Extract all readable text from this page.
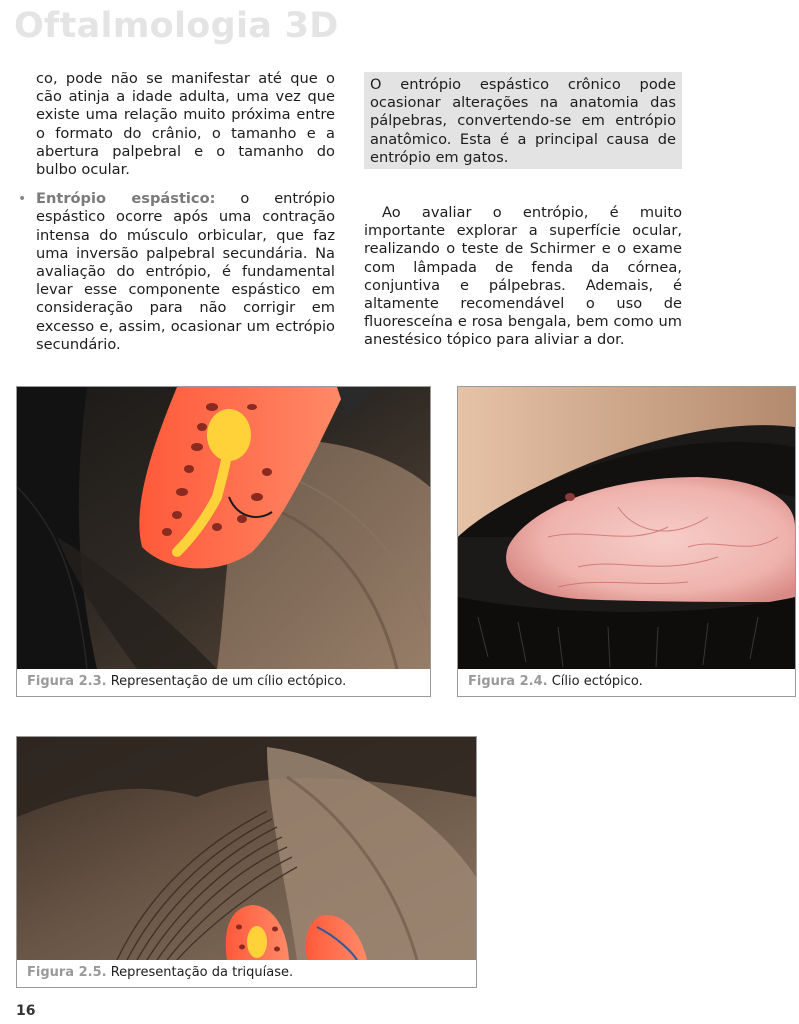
Oftalmologia 3D

co, pode não se manifestar até que o cão atinja a idade adulta, uma vez que existe uma relação muito próxima entre o formato do crânio, o tamanho e a abertura palpebral e o tamanho do bulbo ocular.

• Entrópio espástico: o entrópio espástico ocorre após uma contração intensa do músculo orbicular, que faz uma inversão palpebral secundária. Na avaliação do entrópio, é fundamental levar esse componente espástico em consideração para não corrigir em excesso e, assim, ocasionar um ectrópio secundário.
O entrópio espástico crônico pode ocasionar alterações na anatomia das pálpebras, convertendo-se em entrópio anatômico. Esta é a principal causa de entrópio em gatos.

Ao avaliar o entrópio, é muito importante explorar a superfície ocular, realizando o teste de Schirmer e o exame com lâmpada de fenda da córnea, conjuntiva e pálpebras. Ademais, é altamente recomendável o uso de fluoresceína e rosa bengala, bem como um anestésico tópico para aliviar a dor.

Figura 2.3. Representação de um cílio ectópico.	Figura 2.4. Cílio ectópico.
Figura 2.5. Representação da triquíase.
16
